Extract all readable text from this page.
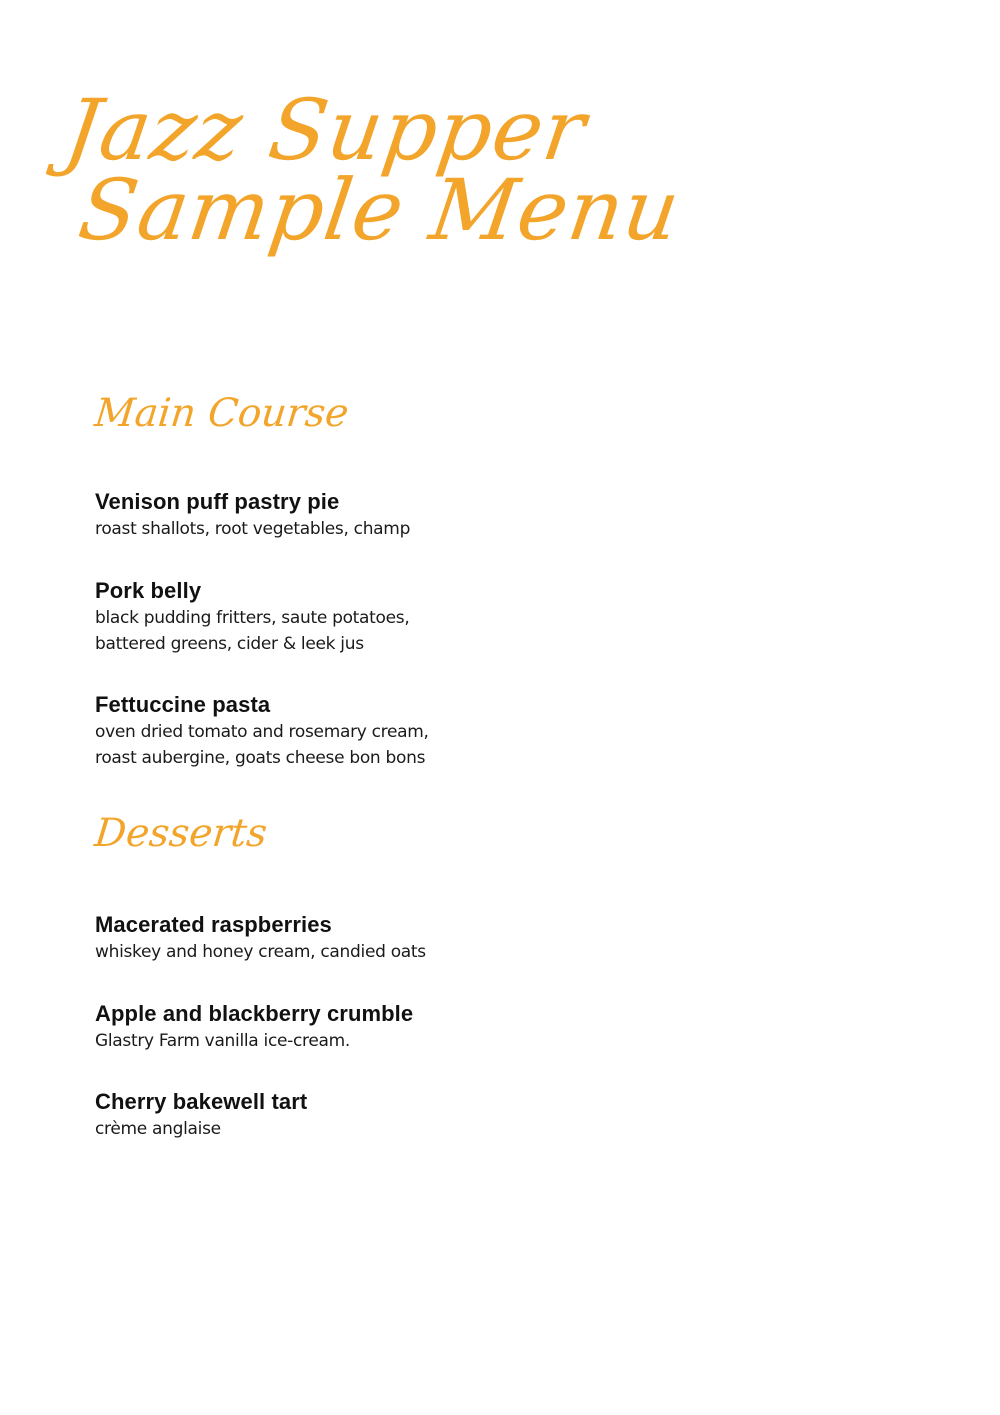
Jazz Supper
Sample Menu
Main Course
Venison puff pastry pie
roast shallots, root vegetables, champ
Pork belly
black pudding fritters, saute potatoes,
battered greens, cider & leek jus
Fettuccine pasta
oven dried tomato and rosemary cream,
roast aubergine, goats cheese bon bons
Desserts
Macerated raspberries
whiskey and honey cream, candied oats
Apple and blackberry crumble
Glastry Farm vanilla ice-cream.
Cherry bakewell tart
crème anglaise
